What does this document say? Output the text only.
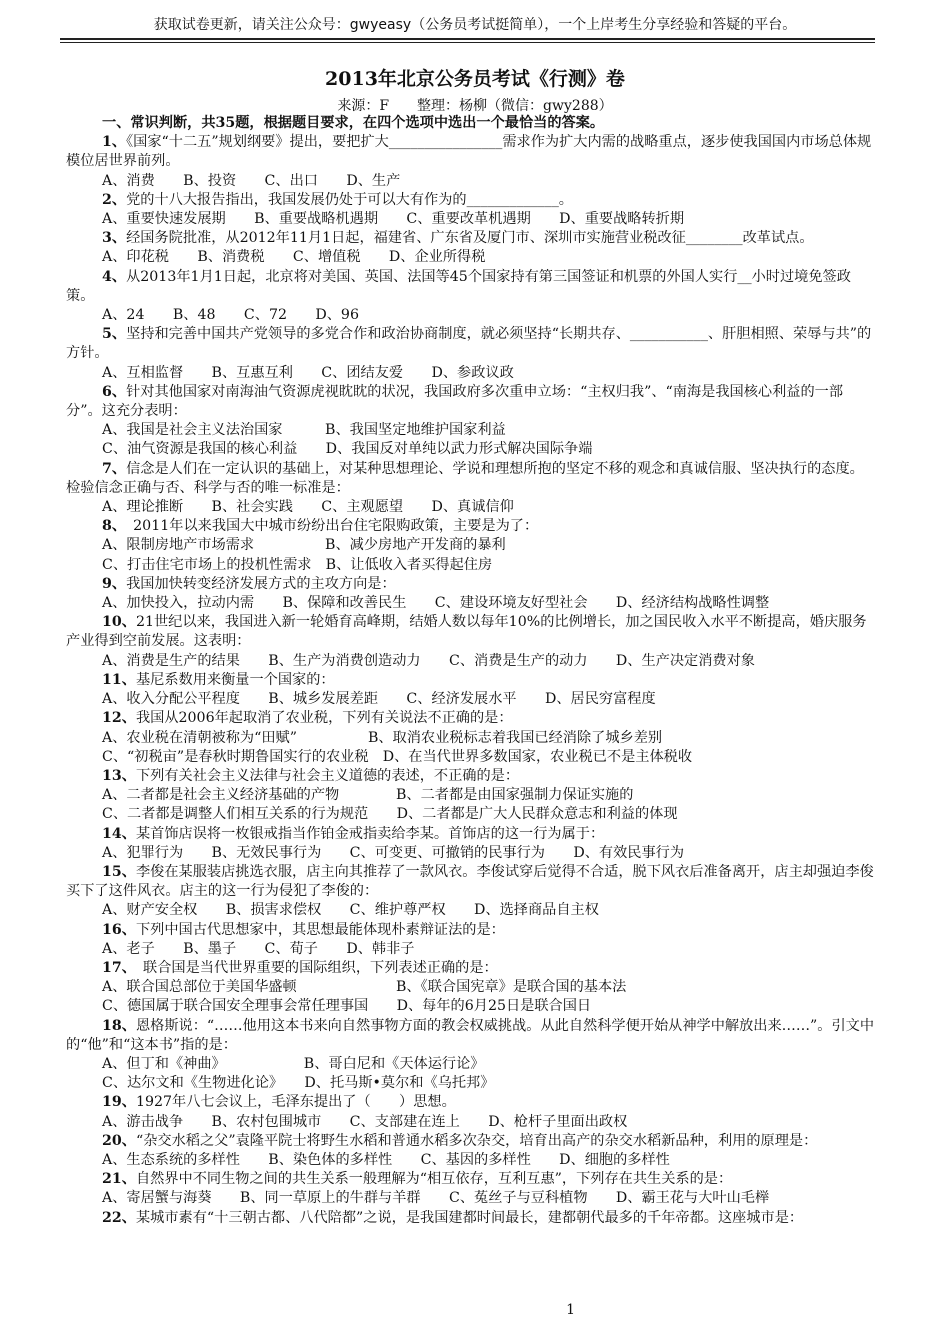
获取试卷更新，请关注公众号：gwyeasy（公务员考试挺简单），一个上岸考生分享经验和答疑的平台。
2013年北京公务员考试《行测》卷
来源：F　　整理：杨柳（微信：gwy288）

一、常识判断，共35题，根据题目要求，在四个选项中选出一个最恰当的答案。

1、《国家“十二五”规划纲要》提出，要把扩大________________需求作为扩大内需的战略重点，逐步使我国国内市场总体规模位居世界前列。

A、消费　　B、投资　　C、出口　　D、生产

2、党的十八大报告指出，我国发展仍处于可以大有作为的_____________。

A、重要快速发展期　　B、重要战略机遇期　　C、重要改革机遇期　　D、重要战略转折期

3、经国务院批准，从2012年11月1日起，福建省、广东省及厦门市、深圳市实施营业税改征________改革试点。

A、印花税　　B、消费税　　C、增值税　　D、企业所得税

4、从2013年1月1日起，北京将对美国、英国、法国等45个国家持有第三国签证和机票的外国人实行__小时过境免签政策。

A、24　　B、48　　C、72　　D、96

5、坚持和完善中国共产党领导的多党合作和政治协商制度，就必须坚持“长期共存、___________、肝胆相照、荣辱与共”的方针。

A、互相监督　　B、互惠互利　　C、团结友爱　　D、参政议政

6、针对其他国家对南海油气资源虎视眈眈的状况，我国政府多次重申立场：“主权归我”、“南海是我国核心利益的一部分”。这充分表明：

A、我国是社会主义法治国家　　　B、我国坚定地维护国家利益

C、油气资源是我国的核心利益　　D、我国反对单纯以武力形式解决国际争端

7、信念是人们在一定认识的基础上，对某种思想理论、学说和理想所抱的坚定不移的观念和真诚信服、坚决执行的态度。检验信念正确与否、科学与否的唯一标准是：

A、理论推断　　B、社会实践　　C、主观愿望　　D、真诚信仰

8、　2011年以来我国大中城市纷纷出台住宅限购政策，主要是为了：

A、限制房地产市场需求　　　　　B、减少房地产开发商的暴利

C、打击住宅市场上的投机性需求　B、让低收入者买得起住房

9、我国加快转变经济发展方式的主攻方向是：

A、加快投入，拉动内需　　B、保障和改善民生　　C、建设环境友好型社会　　D、经济结构战略性调整

10、21世纪以来，我国进入新一轮婚育高峰期，结婚人数以每年10%的比例增长，加之国民收入水平不断提高，婚庆服务产业得到空前发展。这表明：

A、消费是生产的结果　　B、生产为消费创造动力　　C、消费是生产的动力　　D、生产决定消费对象

11、基尼系数用来衡量一个国家的：

A、收入分配公平程度　　B、城乡发展差距　　C、经济发展水平　　D、居民穷富程度

12、我国从2006年起取消了农业税，下列有关说法不正确的是：

A、农业税在清朝被称为“田赋”　　　　　B、取消农业税标志着我国已经消除了城乡差别

C、“初税亩”是春秋时期鲁国实行的农业税　D、在当代世界多数国家，农业税已不是主体税收

13、下列有关社会主义法律与社会主义道德的表述，不正确的是：

A、二者都是社会主义经济基础的产物　　　　B、二者都是由国家强制力保证实施的

C、二者都是调整人们相互关系的行为规范　　D、二者都是广大人民群众意志和利益的体现

14、某首饰店误将一枚银戒指当作铂金戒指卖给李某。首饰店的这一行为属于：

A、犯罪行为　　B、无效民事行为　　C、可变更、可撤销的民事行为　　D、有效民事行为

15、李俊在某服装店挑选衣服，店主向其推荐了一款风衣。李俊试穿后觉得不合适，脱下风衣后准备离开，店主却强迫李俊买下了这件风衣。店主的这一行为侵犯了李俊的：

A、财产安全权　　B、损害求偿权　　C、维护尊严权　　D、选择商品自主权

16、下列中国古代思想家中，其思想最能体现朴素辩证法的是：

A、老子　　B、墨子　　C、荀子　　D、韩非子

17、　联合国是当代世界重要的国际组织，下列表述正确的是：

A、联合国总部位于美国华盛顿　　　　　　　B、《联合国宪章》是联合国的基本法

C、德国属于联合国安全理事会常任理事国　　D、每年的6月25日是联合国日

18、恩格斯说：“……他用这本书来向自然事物方面的教会权威挑战。从此自然科学便开始从神学中解放出来……”。引文中的“他”和“这本书”指的是：

A、但丁和《神曲》　　　　　　B、哥白尼和《天体运行论》

C、达尔文和《生物进化论》　　D、托马斯•莫尔和《乌托邦》

19、1927年八七会议上，毛泽东提出了（　　）思想。

A、游击战争　　B、农村包围城市　　C、支部建在连上　　D、枪杆子里面出政权

20、“杂交水稻之父”袁隆平院士将野生水稻和普通水稻多次杂交，培育出高产的杂交水稻新品种，利用的原理是：

A、生态系统的多样性　　B、染色体的多样性　　C、基因的多样性　　D、细胞的多样性

21、自然界中不同生物之间的共生关系一般理解为“相互依存，互利互惠”，下列存在共生关系的是：

A、寄居蟹与海葵　　B、同一草原上的牛群与羊群　　C、菟丝子与豆科植物　　D、霸王花与大叶山毛榉

22、某城市素有“十三朝古都、八代陪都”之说，是我国建都时间最长，建都朝代最多的千年帝都。这座城市是：

1
